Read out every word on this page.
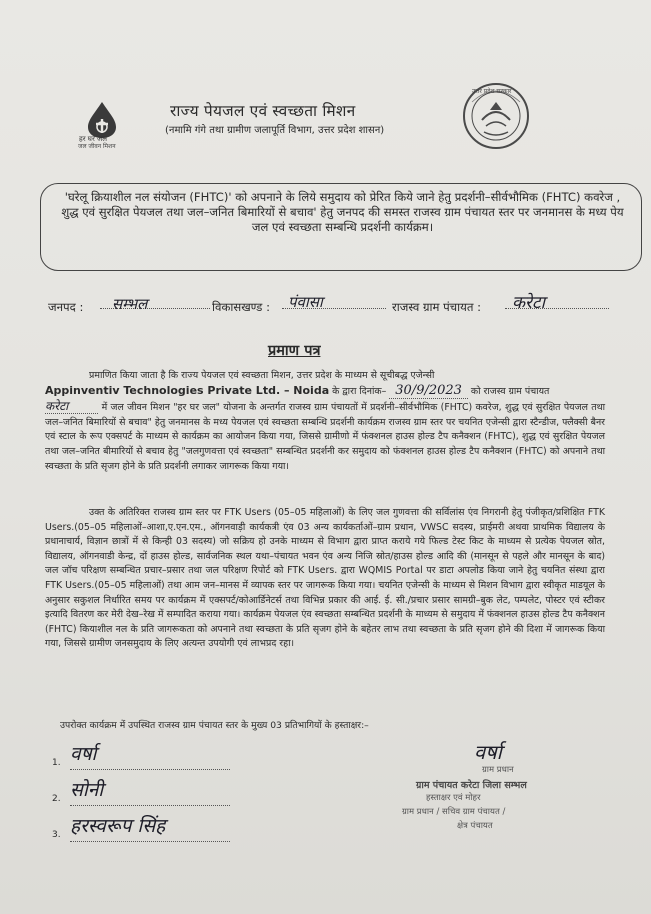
हर घर जल
जल जीवन मिशन
उत्तर प्रदेश सरकार
राज्य पेयजल एवं स्वच्छता मिशन
(नमामि गंगे तथा ग्रामीण जलापूर्ति विभाग, उत्तर प्रदेश शासन)
'घरेलू क्रियाशील नल संयोजन (FHTC)' को अपनाने के लिये समुदाय को प्रेरित किये जाने हेतु प्रदर्शनी–सीर्वभौमिक (FHTC) कवरेज , शुद्ध एवं सुरक्षित पेयजल तथा जल–जनित बिमारियों से बचाव' हेतु जनपद की समस्त राजस्व ग्राम पंचायत स्तर पर जनमानस के मध्य पेय जल एवं स्वच्छता सम्बन्धि प्रदर्शनी कार्यक्रम।
जनपद : सम्भल	विकासखण्ड : पंवासा	राजस्व ग्राम पंचायत : करेटा
प्रमाण पत्र
प्रमाणित किया जाता है कि राज्य पेयजल एवं स्वच्छता मिशन, उत्तर प्रदेश के माध्यम से सूचीबद्ध एजेन्सी
Appinventiv Technologies Private Ltd. – Noida के द्वारा दिनांक– 30/9/2023 को राजस्व ग्राम पंचायत
करेटा	में जल जीवन मिशन "हर घर जल" योजना के अन्तर्गत राजस्व ग्राम पंचायतों में प्रदर्शनी–सीर्वभौमिक (FHTC) कवरेज, शुद्ध एवं सुरक्षित पेयजल तथा जल–जनित बिमारियों से बचाव" हेतु जनमानस के मध्य पेयजल एवं स्वच्छता सम्बन्धि प्रदर्शनी कार्यक्रम राजस्व ग्राम स्तर पर चयनित एजेन्सी द्वारा स्टैन्डीज, फ्लैक्सी बैनर एवं स्टाल के रूप एक्सपर्ट के माध्यम से कार्यक्रम का आयोजन किया गया, जिससे ग्रामीणो में फंक्शनल हाउस होल्ड टैप कनैक्शन (FHTC), शुद्ध एवं सुरक्षित पेयजल तथा जल–जनित बीमारियों से बचाव हेतु "जलगुणवत्ता एवं स्वच्छता" सम्बन्धित प्रदर्शनी कर समुदाय को फंक्शनल हाउस होल्ड टैप कनैक्शन (FHTC) को अपनाने तथा स्वच्छता के प्रति सृजग होने के प्रति प्रदर्शनी लगाकर जागरूक किया गया।
उक्त के अतिरिक्त राजस्व ग्राम स्तर पर FTK Users (05–05 महिलाओं) के लिए जल गुणवत्ता की सर्विलांस एंव निगरानी हेतु पंजीकृत/प्रशिक्षित FTK Users.(05–05 महिलाओं–आशा,ए.एन.एम., ऑगनवाड़ी कार्यकत्री एंव 03 अन्य कार्यकर्ताओं–ग्राम प्रधान, VWSC सदस्य, प्राईमरी अथवा प्राथमिक विद्यालय के प्रधानाचार्य, विज्ञान छात्रों में से किन्ही 03 सदस्य) जो सक्रिय हो उनके माध्यम से विभाग द्वारा प्राप्त कराये गये फिल्ड टेस्ट किट के माध्यम से प्रत्येक पेयजल स्रोत, विद्यालय, ऑगनवाडी केन्द्र, दों हाउस होल्ड, सार्वजनिक स्थल यथा–पंचायत भवन एंव अन्य निजि स्रोत/हाउस होल्ड आदि की (मानसून से पहले और मानसून के बाद) जल जॉच परिक्षण सम्बन्धित प्रचार–प्रसार तथा जल परिक्षण रिपोर्ट को FTK Users. द्वारा WQMIS Portal पर डाटा अपलोड किया जाने हेतु चयनित संस्था द्वारा FTK Users.(05–05 महिलाओं) तथा आम जन–मानस में व्यापक स्तर पर जागरूक किया गया। चयनित एजेन्सी के माध्यम से मिशन विभाग द्वारा स्वीकृत माडयूल के अनुसार सकुशल निर्धारित समय पर कार्यक्रम में एक्सपर्ट/कोआर्डिनेटर्स तथा विभिन्न प्रकार की आई. ई. सी./प्रचार प्रसार सामग्री–बुक लेट, पम्पलेट, पोस्टर एवं स्टीकर इत्यादि वितरण कर मेरी देख–रेख में सम्पादित कराया गया। कार्यक्रम पेयजल एंव स्वच्छता सम्बन्धित प्रदर्शनी के माध्यम से समुदाय में फंक्शनल हाउस होल्ड टैप कनैक्शन (FHTC) कियाशील नल के प्रति जागरूकता को अपनाने तथा स्वच्छता के प्रति सृजग होने के बहेतर लाभ तथा स्वच्छता के प्रति सृजग होने की दिशा में जागरूक किया गया, जिससे ग्रामीण जनसमुदाय के लिए अत्यन्त उपयोगी एवं लाभप्रद रहा।
उपरोक्त कार्यक्रम में उपस्थित राजस्व ग्राम पंचायत स्तर के मुख्य 03 प्रतिभागियों के हस्ताक्षर:–
1. वर्षा
2. सोनी
3. हरस्वरूप सिंह
वर्षा
ग्राम प्रधान
ग्राम पंचायत करेटा जिला सम्भल
हस्ताक्षर एवं मोहर
ग्राम प्रधान / सचिव ग्राम पंचायत /
क्षेत्र पंचायत
